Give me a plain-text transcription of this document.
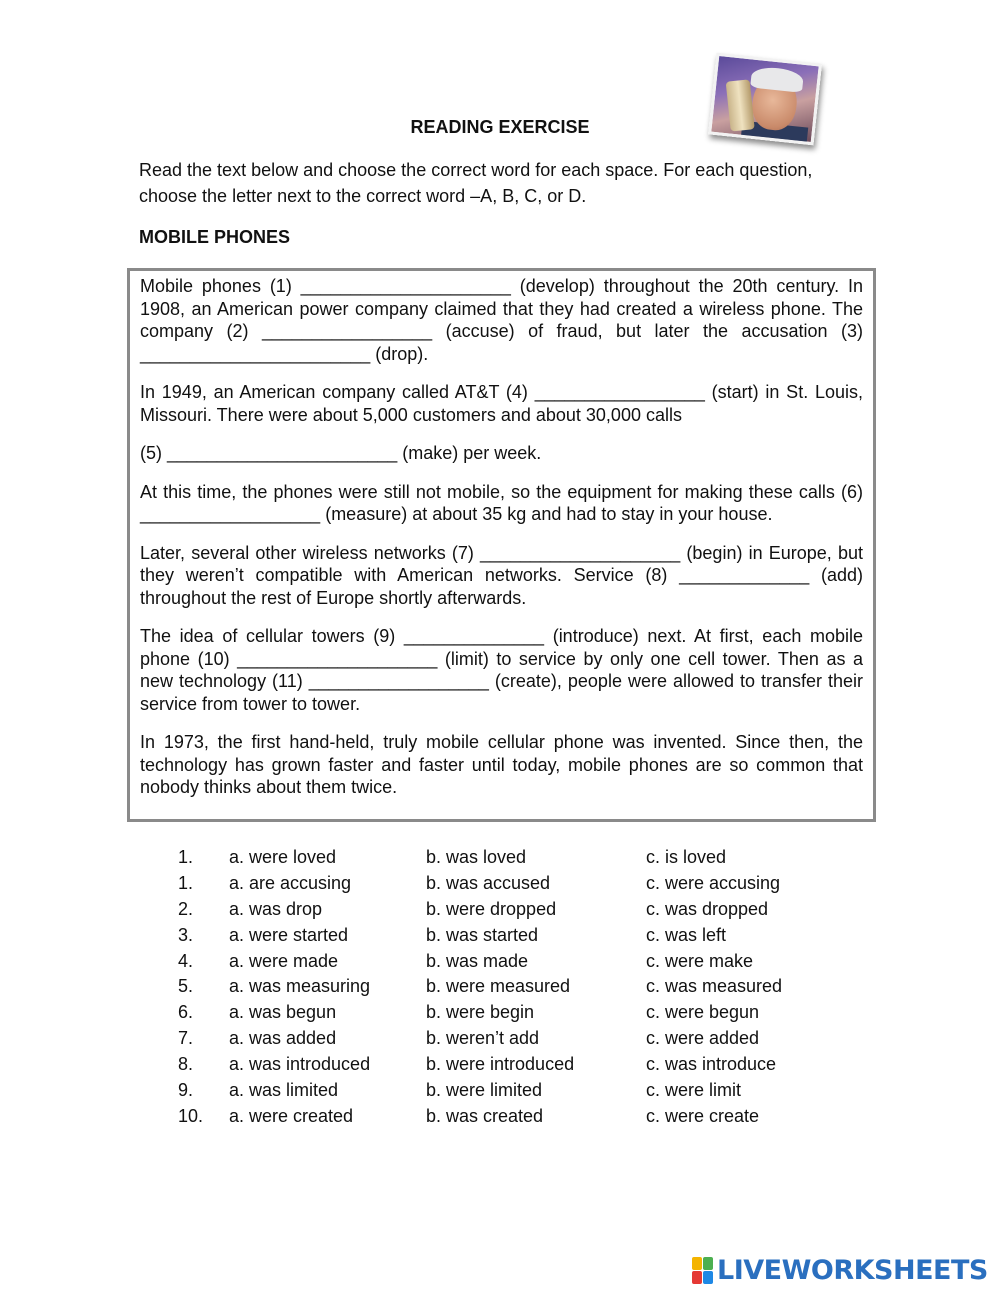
READING EXERCISE
Read the text below and choose the correct word for each space. For each question, choose the letter next to the correct word –A, B, C, or D.
MOBILE PHONES

Mobile phones (1) _____________________ (develop) throughout the 20th century. In 1908, an American power company claimed that they had created a wireless phone. The company (2) _________________ (accuse) of fraud, but later the accusation (3) _______________________ (drop).

In 1949, an American company called AT&T (4) _________________ (start) in St. Louis, Missouri. There were about 5,000 customers and about 30,000 calls

(5) _______________________ (make) per week.

At this time, the phones were still not mobile, so the equipment for making these calls (6) __________________ (measure) at about 35 kg and had to stay in your house.

Later, several other wireless networks (7) ____________________ (begin) in Europe, but they weren’t compatible with American networks. Service (8) _____________ (add) throughout the rest of Europe shortly afterwards.

The idea of cellular towers (9) ______________ (introduce) next. At first, each mobile phone (10) ____________________ (limit) to service by only one cell tower. Then as a new technology (11) __________________ (create), people were allowed to transfer their service from tower to tower.

In 1973, the first hand-held, truly mobile cellular phone was invented. Since then, the technology has grown faster and faster until today, mobile phones are so common that nobody thinks about them twice.

1. a. were loved	b. was loved	c. is loved
1. a. are accusing	b. was accused	c. were accusing
2. a. was drop	b. were dropped	c. was dropped
3. a. were started	b. was started	c. was left
4. a. were made	b. was made	c. were make
5. a. was measuring	b. were measured	c. was measured
6. a. was begun	b. were begin	c. were begun
7. a. was added	b. weren’t add	c. were added
8. a. was introduced	b. were introduced	c. was introduce
9. a. was limited	b. were limited	c. were limit
10. a. were created	b. was created	c. were create
LIVEWORKSHEETS
